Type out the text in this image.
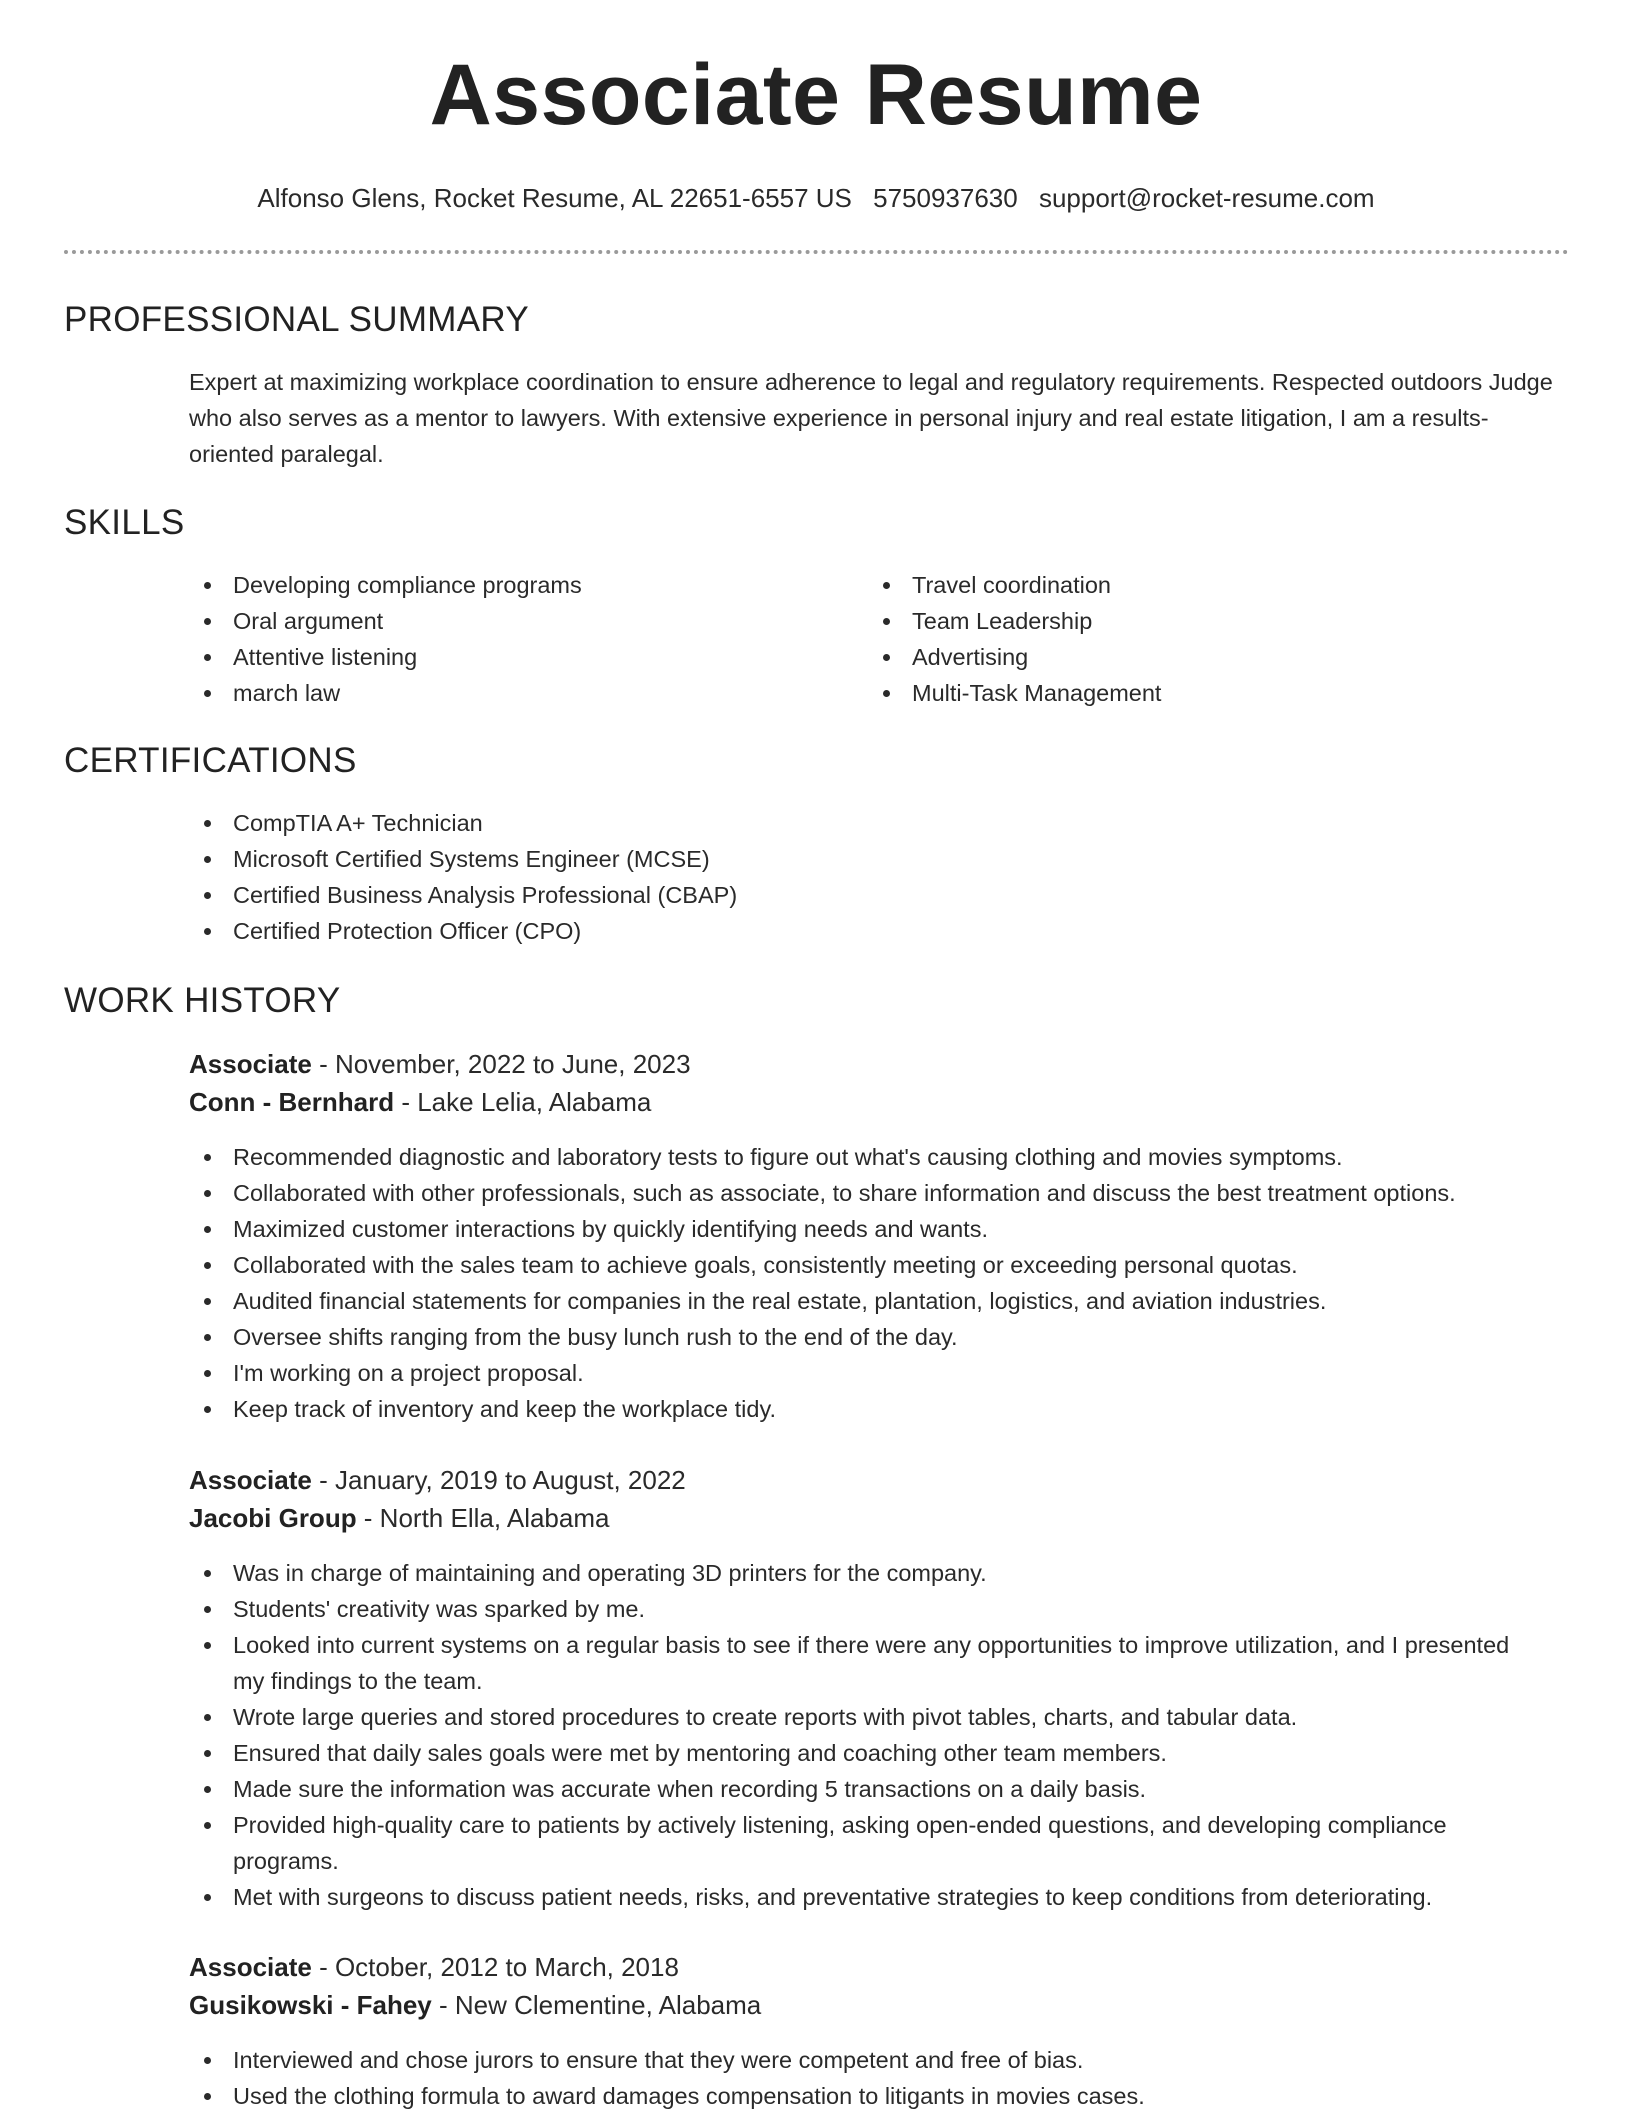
Associate Resume
Alfonso Glens, Rocket Resume, AL 22651-6557 US 5750937630 support@rocket-resume.com
PROFESSIONAL SUMMARY

Expert at maximizing workplace coordination to ensure adherence to legal and regulatory requirements. Respected outdoors Judge who also serves as a mentor to lawyers. With extensive experience in personal injury and real estate litigation, I am a results-oriented paralegal.

SKILLS
Developing compliance programs
Oral argument
Attentive listening
march law
Travel coordination
Team Leadership
Advertising
Multi-Task Management
CERTIFICATIONS
CompTIA A+ Technician
Microsoft Certified Systems Engineer (MCSE)
Certified Business Analysis Professional (CBAP)
Certified Protection Officer (CPO)
WORK HISTORY
Associate - November, 2022 to June, 2023
Conn - Bernhard - Lake Lelia, Alabama
Recommended diagnostic and laboratory tests to figure out what's causing clothing and movies symptoms.
Collaborated with other professionals, such as associate, to share information and discuss the best treatment options.
Maximized customer interactions by quickly identifying needs and wants.
Collaborated with the sales team to achieve goals, consistently meeting or exceeding personal quotas.
Audited financial statements for companies in the real estate, plantation, logistics, and aviation industries.
Oversee shifts ranging from the busy lunch rush to the end of the day.
I'm working on a project proposal.
Keep track of inventory and keep the workplace tidy.
Associate - January, 2019 to August, 2022
Jacobi Group - North Ella, Alabama
Was in charge of maintaining and operating 3D printers for the company.
Students' creativity was sparked by me.
Looked into current systems on a regular basis to see if there were any opportunities to improve utilization, and I presented my findings to the team.
Wrote large queries and stored procedures to create reports with pivot tables, charts, and tabular data.
Ensured that daily sales goals were met by mentoring and coaching other team members.
Made sure the information was accurate when recording 5 transactions on a daily basis.
Provided high-quality care to patients by actively listening, asking open-ended questions, and developing compliance programs.
Met with surgeons to discuss patient needs, risks, and preventative strategies to keep conditions from deteriorating.
Associate - October, 2012 to March, 2018
Gusikowski - Fahey - New Clementine, Alabama
Interviewed and chose jurors to ensure that they were competent and free of bias.
Used the clothing formula to award damages compensation to litigants in movies cases.
